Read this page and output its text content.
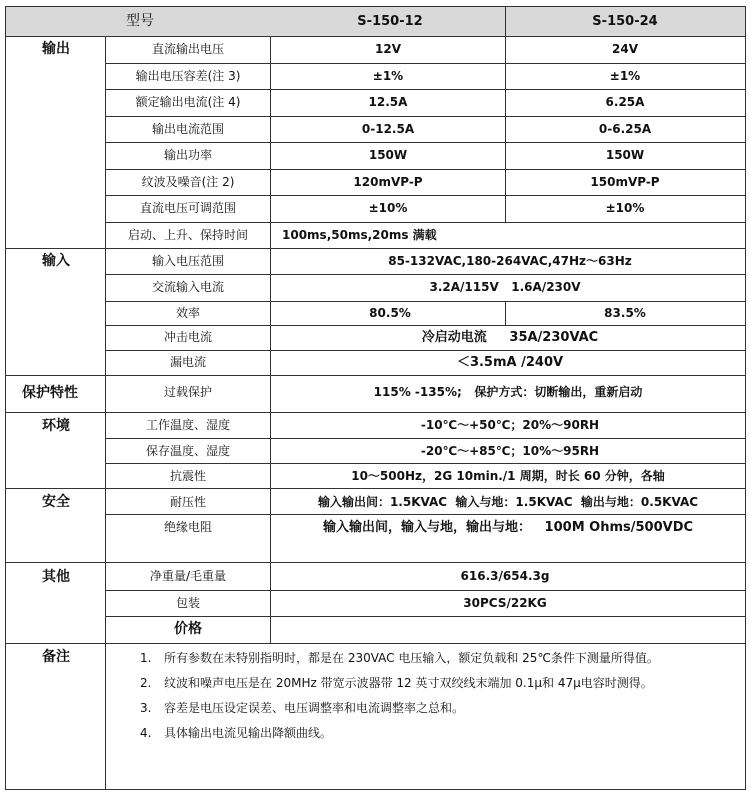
型号	S-150-12	S-150-24
输出	直流输出电压	12V	24V
输出电压容差(注 3)	±1%	±1%
额定输出电流(注 4)	12.5A	6.25A
输出电流范围	0-12.5A	0-6.25A
输出功率	150W	150W
纹波及噪音(注 2)	120mVP-P	150mVP-P
直流电压可调范围	±10%	±10%
启动、上升、保持时间	100ms,50ms,20ms 满载
输入	输入电压范围	85-132VAC,180-264VAC,47Hz～63Hz
交流输入电流	3.2A/115V   1.6A/230V
效率	80.5%	83.5%
冲击电流	冷启动电流     35A/230VAC
漏电流	＜3.5mA /240V
保护特性	过载保护	115% -135%;   保护方式：切断输出，重新启动
环境	工作温度、湿度	-10℃～+50℃；20%～90RH
保存温度、湿度	-20℃～+85℃；10%～95RH
抗震性	10～500Hz，2G 10min./1 周期，时长 60 分钟，各轴
安全	耐压性	输入输出间：1.5KVAC  输入与地：1.5KVAC  输出与地：0.5KVAC
绝缘电阻	输入输出间，输入与地，输出与地：   100M Ohms/500VDC
其他	净重量/毛重量	616.3/654.3g
包装	30PCS/22KG
价格
备注	1. 所有参数在未特别指明时，都是在 230VAC 电压输入，额定负载和 25℃条件下测量所得值。
2. 纹波和噪声电压是在 20MHz 带宽示波器带 12 英寸双绞线末端加 0.1μ和 47μ电容时测得。
3. 容差是电压设定误差、电压调整率和电流调整率之总和。
4. 具体输出电流见输出降额曲线。
